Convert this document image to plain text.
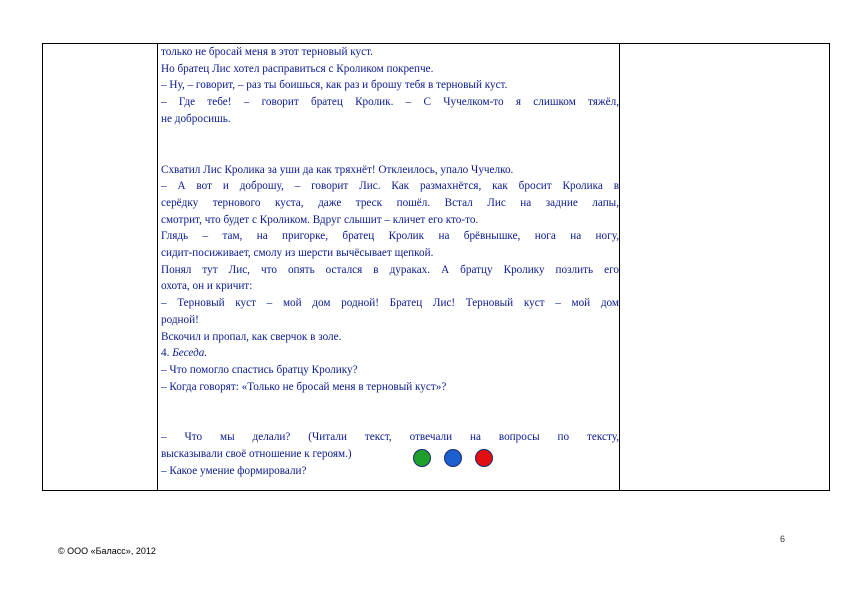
только не бросай меня в этот терновый куст.

Но братец Лис хотел расправиться с Кроликом покрепче.

– Ну, – говорит, – раз ты боишься, как раз и брошу тебя в терновый куст.

– Где тебе! – говорит братец Кролик. – С Чучелком-то я слишком тяжёл,

не добросишь.

Схватил Лис Кролика за уши да как тряхнёт! Отклеилось, упало Чучелко.

– А вот и доброшу, – говорит Лис. Как размахнётся, как бросит Кролика в

серёдку тернового куста, даже треск пошёл. Встал Лис на задние лапы,

смотрит, что будет с Кроликом. Вдруг слышит – кличет его кто-то.

Глядь – там, на пригорке, братец Кролик на брёвнышке, нога на ногу,

сидит-посиживает, смолу из шерсти вычёсывает щепкой.

Понял тут Лис, что опять остался в дураках. А братцу Кролику позлить его

охота, он и кричит:

– Терновый куст – мой дом родной! Братец Лис! Терновый куст – мой дом

родной!

Вскочил и пропал, как сверчок в золе.

4. Беседа.

– Что помогло спастись братцу Кролику?

– Когда говорят: «Только не бросай меня в терновый куст»?

– Что мы делали? (Читали текст, отвечали на вопросы по тексту,

высказывали своё отношение к героям.)

– Какое умение формировали?

6
© ООО «Баласс», 2012
